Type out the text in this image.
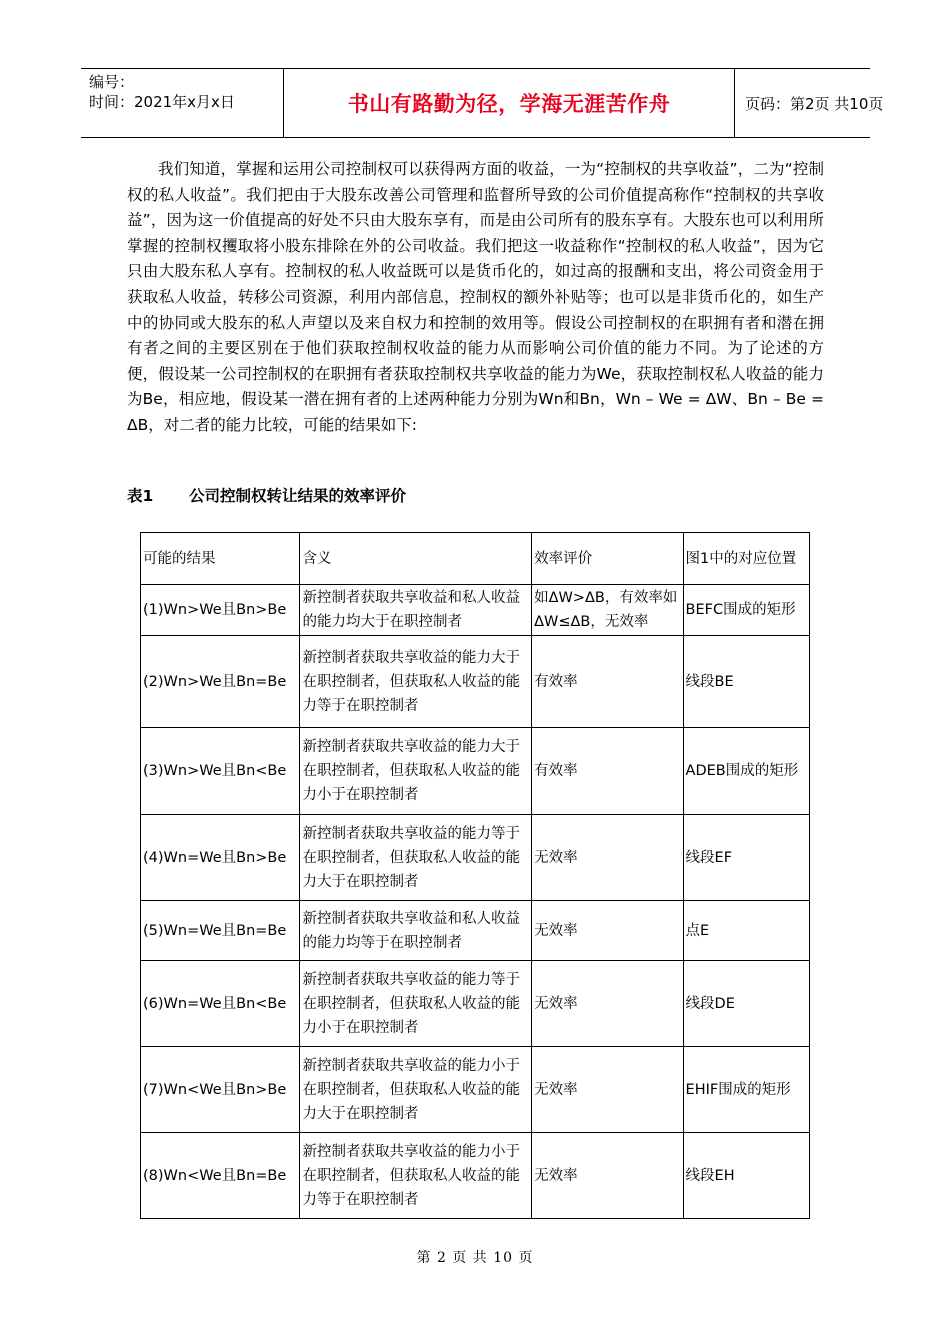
编号：
时间：2021年x月x日	书山有路勤为径，学海无涯苦作舟	页码：第2页 共10页
我们知道，掌握和运用公司控制权可以获得两方面的收益，一为“控制权的共享收益”，二为“控制权的私人收益”。我们把由于大股东改善公司管理和监督所导致的公司价值提高称作“控制权的共享收益”，因为这一价值提高的好处不只由大股东享有，而是由公司所有的股东享有。大股东也可以利用所掌握的控制权攫取将小股东排除在外的公司收益。我们把这一收益称作“控制权的私人收益”，因为它只由大股东私人享有。控制权的私人收益既可以是货币化的，如过高的报酬和支出，将公司资金用于获取私人收益，转移公司资源，利用内部信息，控制权的额外补贴等；也可以是非货币化的，如生产中的协同或大股东的私人声望以及来自权力和控制的效用等。假设公司控制权的在职拥有者和潜在拥有者之间的主要区别在于他们获取控制权收益的能力从而影响公司价值的能力不同。为了论述的方便，假设某一公司控制权的在职拥有者获取控制权共享收益的能力为We，获取控制权私人收益的能力为Be，相应地，假设某一潜在拥有者的上述两种能力分别为Wn和Bn，Wn – We = ΔW、Bn – Be = ΔB，对二者的能力比较，可能的结果如下:
表1 公司控制权转让结果的效率评价
可能的结果	含义	效率评价	图1中的对应位置
(1)Wn>We且Bn>Be	新控制者获取共享收益和私人收益的能力均大于在职控制者	如ΔW>ΔB，有效率如ΔW≤ΔB，无效率	BEFC围成的矩形
(2)Wn>We且Bn=Be	新控制者获取共享收益的能力大于在职控制者，但获取私人收益的能力等于在职控制者	有效率	线段BE
(3)Wn>We且Bn<Be	新控制者获取共享收益的能力大于在职控制者，但获取私人收益的能力小于在职控制者	有效率	ADEB围成的矩形
(4)Wn=We且Bn>Be	新控制者获取共享收益的能力等于在职控制者，但获取私人收益的能力大于在职控制者	无效率	线段EF
(5)Wn=We且Bn=Be	新控制者获取共享收益和私人收益的能力均等于在职控制者	无效率	点E
(6)Wn=We且Bn<Be	新控制者获取共享收益的能力等于在职控制者，但获取私人收益的能力小于在职控制者	无效率	线段DE
(7)Wn<We且Bn>Be	新控制者获取共享收益的能力小于在职控制者，但获取私人收益的能力大于在职控制者	无效率	EHIF围成的矩形
(8)Wn<We且Bn=Be	新控制者获取共享收益的能力小于在职控制者，但获取私人收益的能力等于在职控制者	无效率	线段EH
第 2 页 共 10 页
